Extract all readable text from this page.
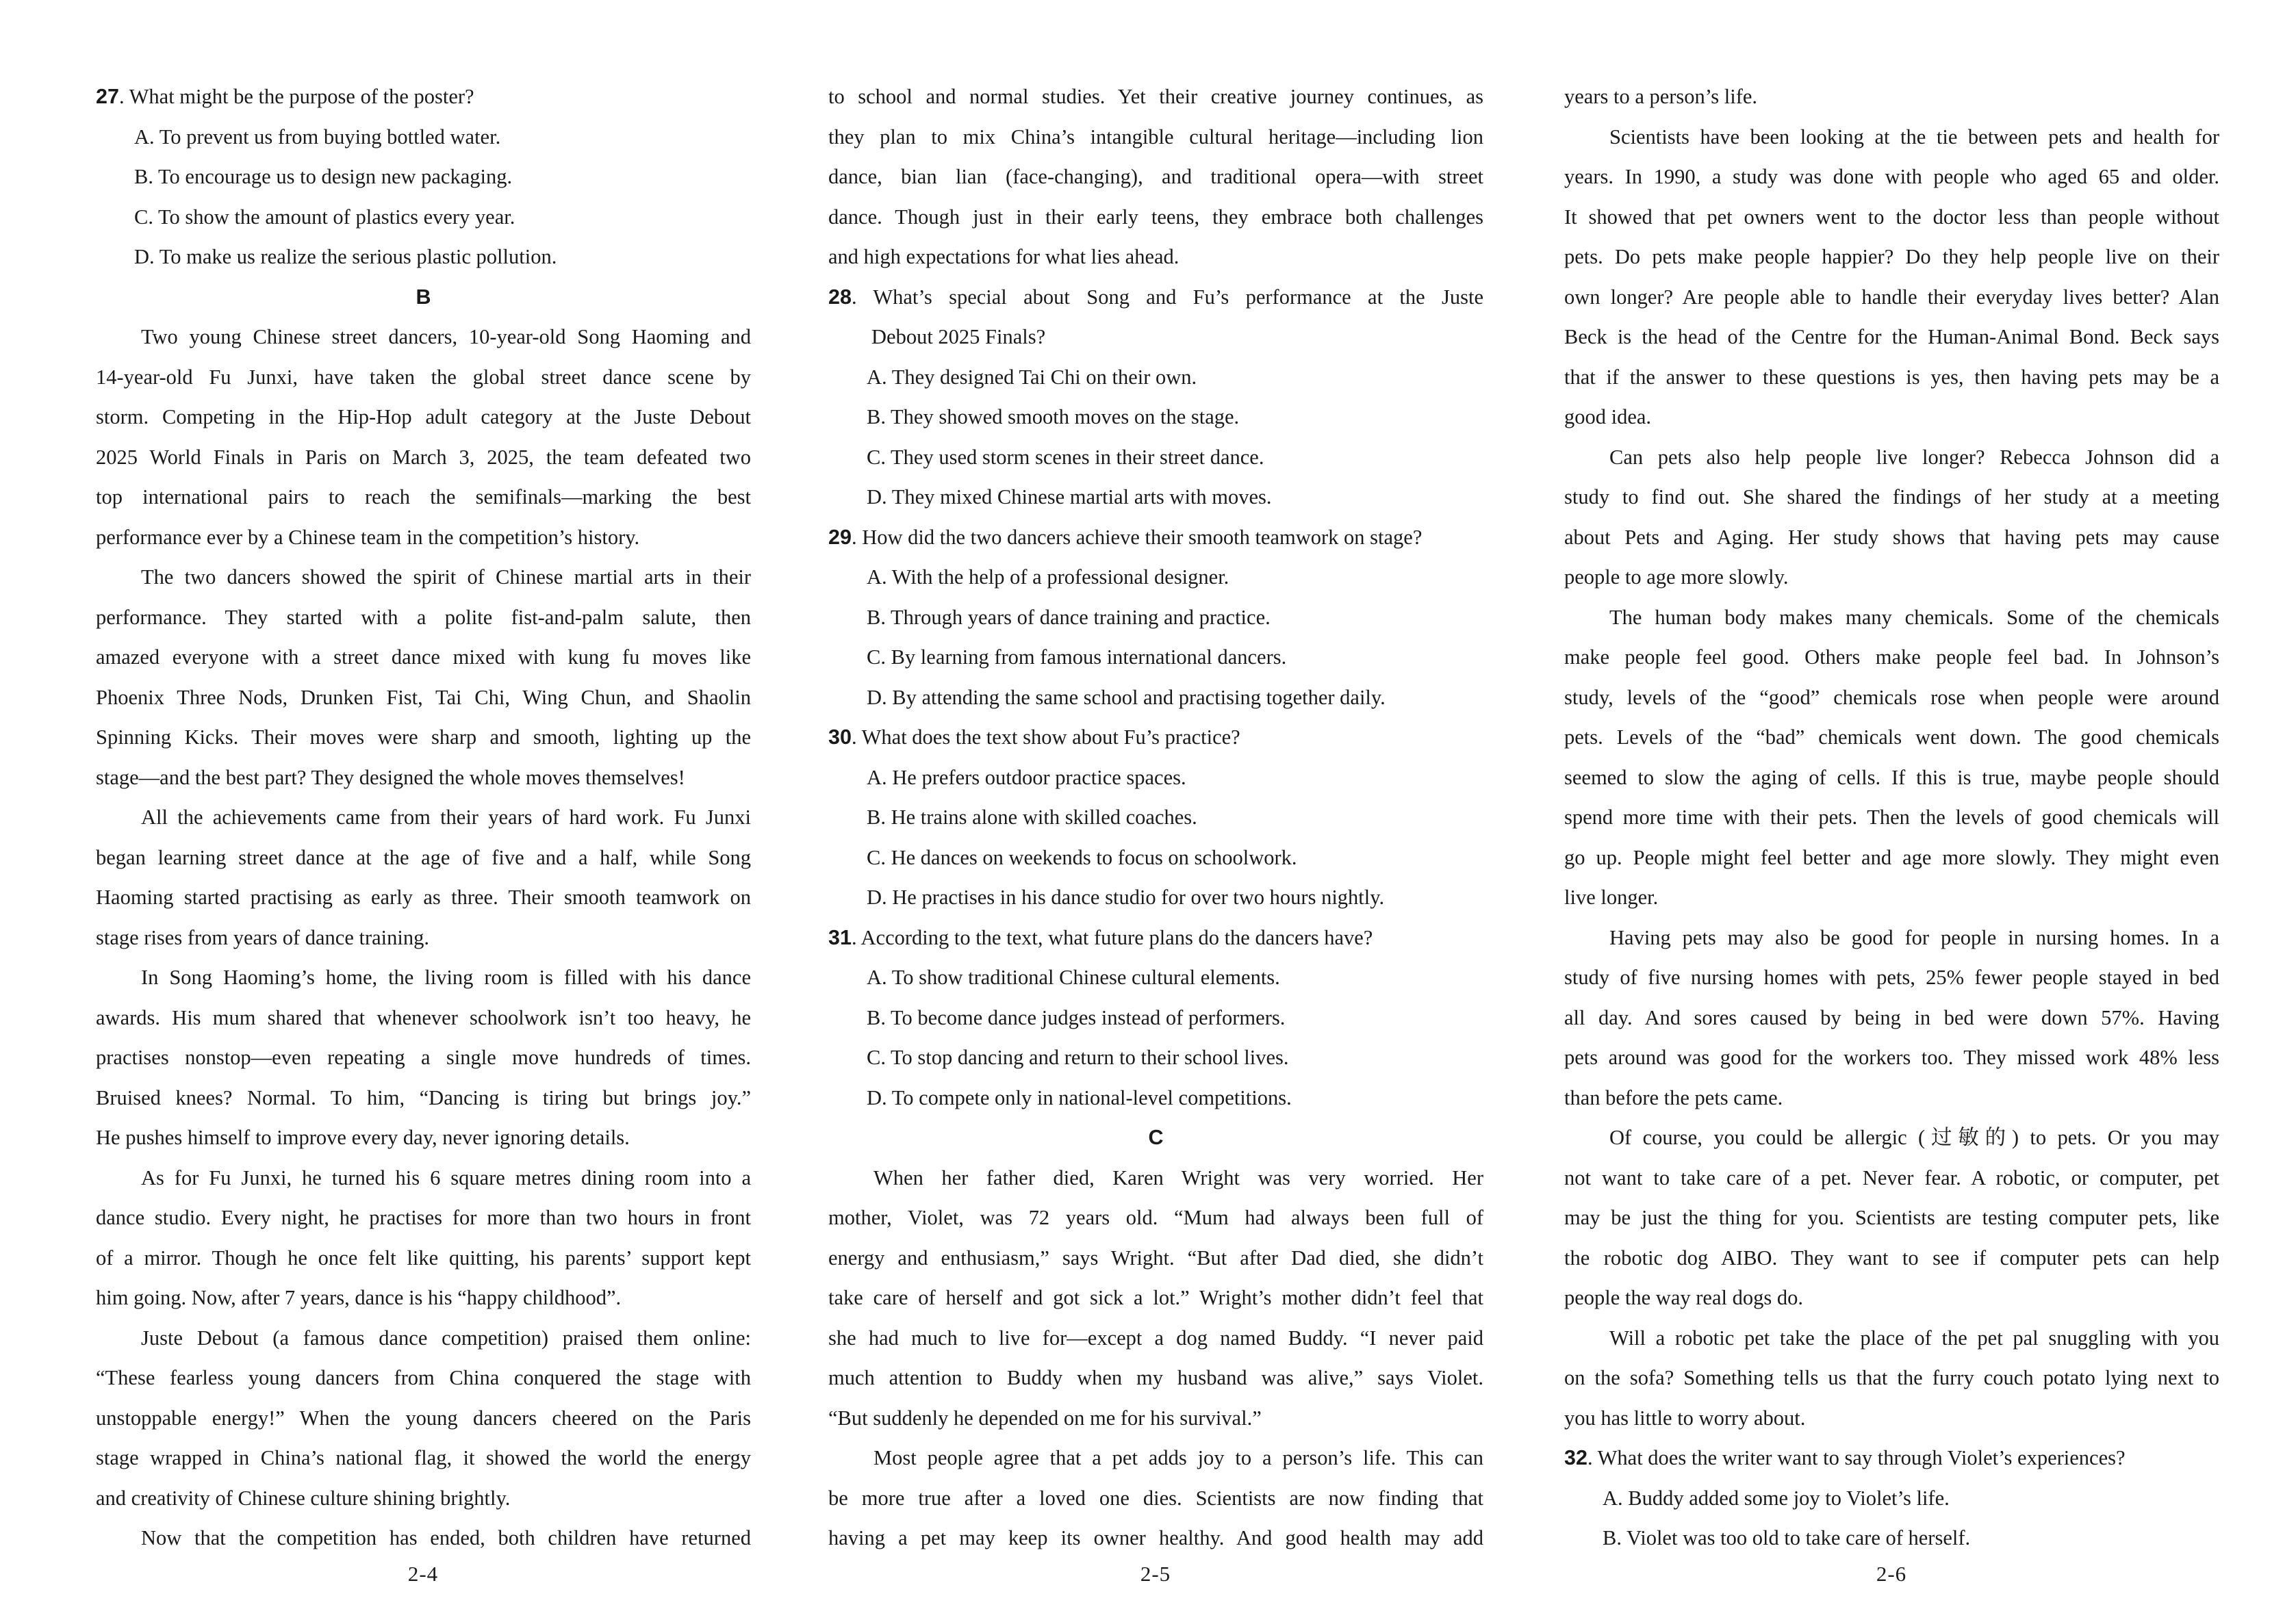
27. What might be the purpose of the poster?
A. To prevent us from buying bottled water.
B. To encourage us to design new packaging.
C. To show the amount of plastics every year.
D. To make us realize the serious plastic pollution.
B
Two young Chinese street dancers, 10-year-old Song Haoming and
14-year-old Fu Junxi, have taken the global street dance scene by
storm. Competing in the Hip-Hop adult category at the Juste Debout
2025 World Finals in Paris on March 3, 2025, the team defeated two
top international pairs to reach the semifinals—marking the best
performance ever by a Chinese team in the competition’s history.
The two dancers showed the spirit of Chinese martial arts in their
performance. They started with a polite fist-and-palm salute, then
amazed everyone with a street dance mixed with kung fu moves like
Phoenix Three Nods, Drunken Fist, Tai Chi, Wing Chun, and Shaolin
Spinning Kicks. Their moves were sharp and smooth, lighting up the
stage—and the best part? They designed the whole moves themselves!
All the achievements came from their years of hard work. Fu Junxi
began learning street dance at the age of five and a half, while Song
Haoming started practising as early as three. Their smooth teamwork on
stage rises from years of dance training.
In Song Haoming’s home, the living room is filled with his dance
awards. His mum shared that whenever schoolwork isn’t too heavy, he
practises nonstop—even repeating a single move hundreds of times.
Bruised knees? Normal. To him, “Dancing is tiring but brings joy.”
He pushes himself to improve every day, never ignoring details.
As for Fu Junxi, he turned his 6 square metres dining room into a
dance studio. Every night, he practises for more than two hours in front
of a mirror. Though he once felt like quitting, his parents’ support kept
him going. Now, after 7 years, dance is his “happy childhood”.
Juste Debout (a famous dance competition) praised them online:
“These fearless young dancers from China conquered the stage with
unstoppable energy!” When the young dancers cheered on the Paris
stage wrapped in China’s national flag, it showed the world the energy
and creativity of Chinese culture shining brightly.
Now that the competition has ended, both children have returned
to school and normal studies. Yet their creative journey continues, as
they plan to mix China’s intangible cultural heritage—including lion
dance, bian lian (face-changing), and traditional opera—with street
dance. Though just in their early teens, they embrace both challenges
and high expectations for what lies ahead.
28. What’s special about Song and Fu’s performance at the Juste
Debout 2025 Finals?
A. They designed Tai Chi on their own.
B. They showed smooth moves on the stage.
C. They used storm scenes in their street dance.
D. They mixed Chinese martial arts with moves.
29. How did the two dancers achieve their smooth teamwork on stage?
A. With the help of a professional designer.
B. Through years of dance training and practice.
C. By learning from famous international dancers.
D. By attending the same school and practising together daily.
30. What does the text show about Fu’s practice?
A. He prefers outdoor practice spaces.
B. He trains alone with skilled coaches.
C. He dances on weekends to focus on schoolwork.
D. He practises in his dance studio for over two hours nightly.
31. According to the text, what future plans do the dancers have?
A. To show traditional Chinese cultural elements.
B. To become dance judges instead of performers.
C. To stop dancing and return to their school lives.
D. To compete only in national-level competitions.
C
When her father died, Karen Wright was very worried. Her
mother, Violet, was 72 years old. “Mum had always been full of
energy and enthusiasm,” says Wright. “But after Dad died, she didn’t
take care of herself and got sick a lot.” Wright’s mother didn’t feel that
she had much to live for—except a dog named Buddy. “I never paid
much attention to Buddy when my husband was alive,” says Violet.
“But suddenly he depended on me for his survival.”
Most people agree that a pet adds joy to a person’s life. This can
be more true after a loved one dies. Scientists are now finding that
having a pet may keep its owner healthy. And good health may add
years to a person’s life.
Scientists have been looking at the tie between pets and health for
years. In 1990, a study was done with people who aged 65 and older.
It showed that pet owners went to the doctor less than people without
pets. Do pets make people happier? Do they help people live on their
own longer? Are people able to handle their everyday lives better? Alan
Beck is the head of the Centre for the Human-Animal Bond. Beck says
that if the answer to these questions is yes, then having pets may be a
good idea.
Can pets also help people live longer? Rebecca Johnson did a
study to find out. She shared the findings of her study at a meeting
about Pets and Aging. Her study shows that having pets may cause
people to age more slowly.
The human body makes many chemicals. Some of the chemicals
make people feel good. Others make people feel bad. In Johnson’s
study, levels of the “good” chemicals rose when people were around
pets. Levels of the “bad” chemicals went down. The good chemicals
seemed to slow the aging of cells. If this is true, maybe people should
spend more time with their pets. Then the levels of good chemicals will
go up. People might feel better and age more slowly. They might even
live longer.
Having pets may also be good for people in nursing homes. In a
study of five nursing homes with pets, 25% fewer people stayed in bed
all day. And sores caused by being in bed were down 57%. Having
pets around was good for the workers too. They missed work 48% less
than before the pets came.
Of course, you could be allergic (过敏的) to pets. Or you may
not want to take care of a pet. Never fear. A robotic, or computer, pet
may be just the thing for you. Scientists are testing computer pets, like
the robotic dog AIBO. They want to see if computer pets can help
people the way real dogs do.
Will a robotic pet take the place of the pet pal snuggling with you
on the sofa? Something tells us that the furry couch potato lying next to
you has little to worry about.
32. What does the writer want to say through Violet’s experiences?
A. Buddy added some joy to Violet’s life.
B. Violet was too old to take care of herself.
2-4	2-5	2-6
